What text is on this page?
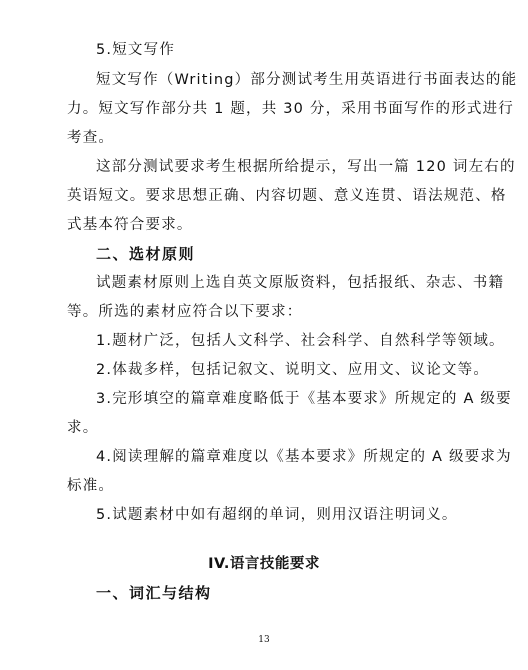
5.短文写作
短文写作（Writing）部分测试考生用英语进行书面表达的能
力。短文写作部分共 1 题，共 30 分，采用书面写作的形式进行
考查。
这部分测试要求考生根据所给提示，写出一篇 120 词左右的
英语短文。要求思想正确、内容切题、意义连贯、语法规范、格
式基本符合要求。
二、选材原则
试题素材原则上选自英文原版资料，包括报纸、杂志、书籍
等。所选的素材应符合以下要求：
1.题材广泛，包括人文科学、社会科学、自然科学等领域。
2.体裁多样，包括记叙文、说明文、应用文、议论文等。
3.完形填空的篇章难度略低于《基本要求》所规定的 A 级要
求。
4.阅读理解的篇章难度以《基本要求》所规定的 A 级要求为
标准。
5.试题素材中如有超纲的单词，则用汉语注明词义。
IV.语言技能要求
一、词汇与结构
13
